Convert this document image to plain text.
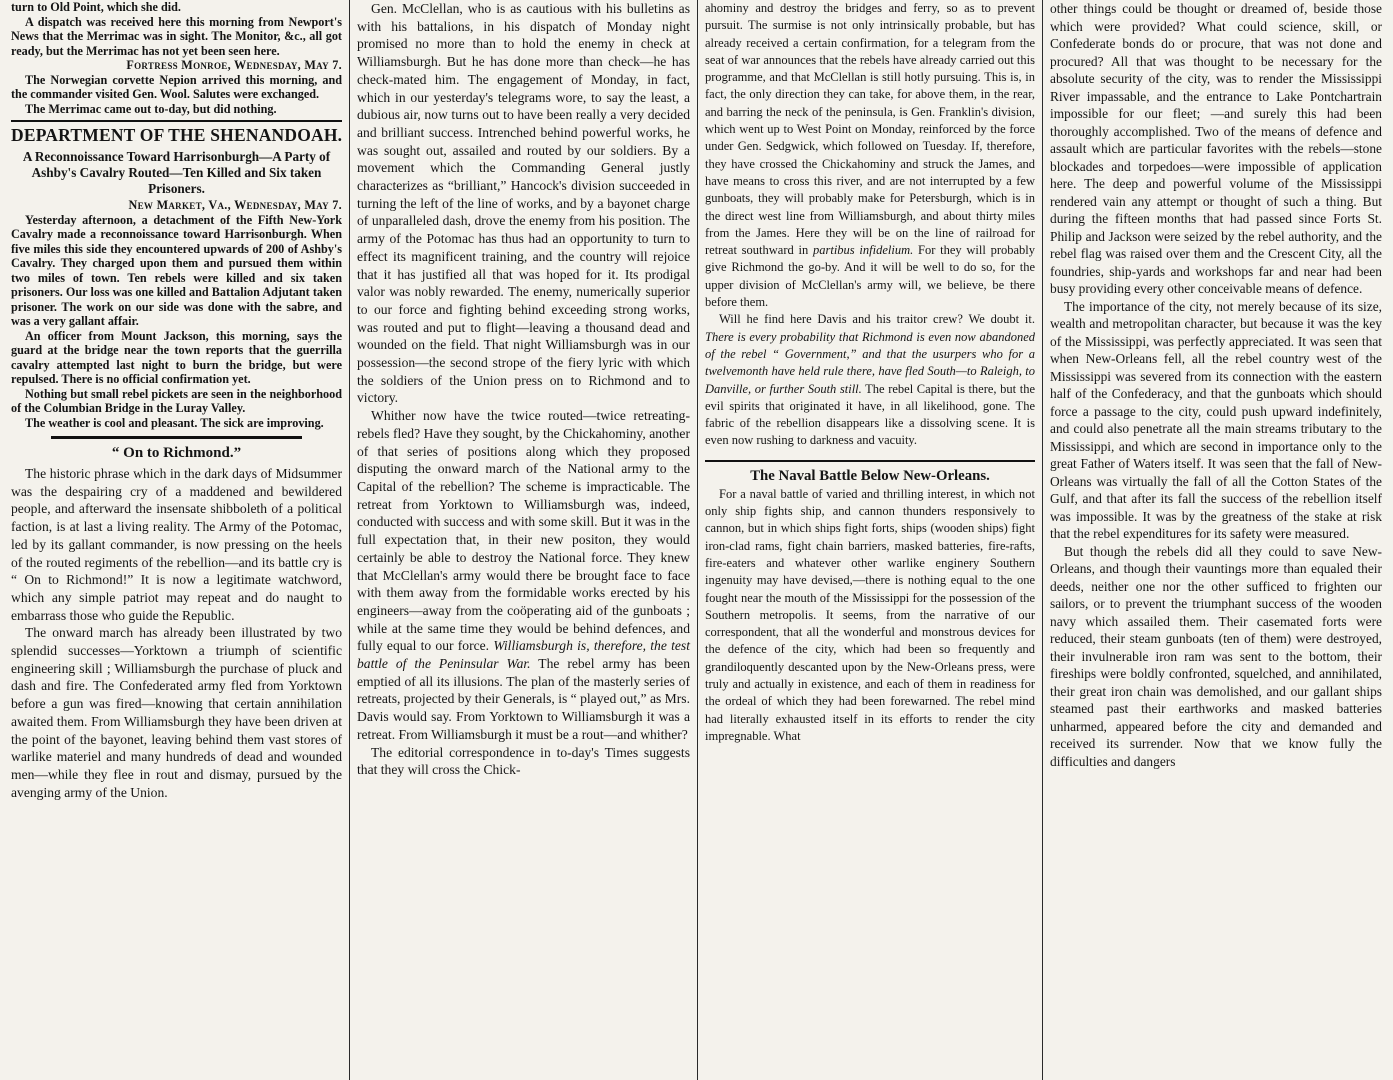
turn to Old Point, which she did.

A dispatch was received here this morning from Newport's News that the Merrimac was in sight. The Monitor, &c., all got ready, but the Merrimac has not yet been seen here.

Fortress Monroe, Wednesday, May 7.

The Norwegian corvette Nepion arrived this morning, and the commander visited Gen. Wool. Salutes were exchanged.

The Merrimac came out to-day, but did nothing.

DEPARTMENT OF THE SHENANDOAH.
A Reconnoissance Toward Harrisonburgh—A Party of Ashby's Cavalry Routed—Ten Killed and Six taken Prisoners.

New Market, Va., Wednesday, May 7.

Yesterday afternoon, a detachment of the Fifth New-York Cavalry made a reconnoissance toward Harrisonburgh. When five miles this side they encountered upwards of 200 of Ashby's Cavalry. They charged upon them and pursued them within two miles of town. Ten rebels were killed and six taken prisoners. Our loss was one killed and Battalion Adjutant taken prisoner. The work on our side was done with the sabre, and was a very gallant affair.

An officer from Mount Jackson, this morning, says the guard at the bridge near the town reports that the guerrilla cavalry attempted last night to burn the bridge, but were repulsed. There is no official confirmation yet.

Nothing but small rebel pickets are seen in the neighborhood of the Columbian Bridge in the Luray Valley.

The weather is cool and pleasant. The sick are improving.

“ On to Richmond.”

The historic phrase which in the dark days of Midsummer was the despairing cry of a maddened and bewildered people, and afterward the insensate shibboleth of a political faction, is at last a living reality. The Army of the Potomac, led by its gallant commander, is now pressing on the heels of the routed regiments of the rebellion—and its battle cry is “ On to Richmond!” It is now a legitimate watchword, which any simple patriot may repeat and do naught to embarrass those who guide the Republic.

The onward march has already been illustrated by two splendid successes—Yorktown a triumph of scientific engineering skill ; Williamsburgh the purchase of pluck and dash and fire. The Confederated army fled from Yorktown before a gun was fired—knowing that certain annihilation awaited them. From Williamsburgh they have been driven at the point of the bayonet, leaving behind them vast stores of warlike materiel and many hundreds of dead and wounded men—while they flee in rout and dismay, pursued by the avenging army of the Union.

Gen. McClellan, who is as cautious with his bulletins as with his battalions, in his dispatch of Monday night promised no more than to hold the enemy in check at Williamsburgh. But he has done more than check—he has check-mated him. The engagement of Monday, in fact, which in our yesterday's telegrams wore, to say the least, a dubious air, now turns out to have been really a very decided and brilliant success. Intrenched behind powerful works, he was sought out, assailed and routed by our soldiers. By a movement which the Commanding General justly characterizes as “brilliant,” Hancock's division succeeded in turning the left of the line of works, and by a bayonet charge of unparalleled dash, drove the enemy from his position. The army of the Potomac has thus had an opportunity to turn to effect its magnificent training, and the country will rejoice that it has justified all that was hoped for it. Its prodigal valor was nobly rewarded. The enemy, numerically superior to our force and fighting behind exceeding strong works, was routed and put to flight—leaving a thousand dead and wounded on the field. That night Williamsburgh was in our possession—the second strope of the fiery lyric with which the soldiers of the Union press on to Richmond and to victory.

Whither now have the twice routed—twice retreating-rebels fled? Have they sought, by the Chickahominy, another of that series of positions along which they proposed disputing the onward march of the National army to the Capital of the rebellion? The scheme is impracticable. The retreat from Yorktown to Williamsburgh was, indeed, conducted with success and with some skill. But it was in the full expectation that, in their new positon, they would certainly be able to destroy the National force. They knew that McClellan's army would there be brought face to face with them away from the formidable works erected by his engineers—away from the coöperating aid of the gunboats ; while at the same time they would be behind defences, and fully equal to our force. Williamsburgh is, therefore, the test battle of the Peninsular War. The rebel army has been emptied of all its illusions. The plan of the masterly series of retreats, projected by their Generals, is “ played out,” as Mrs. Davis would say. From Yorktown to Williamsburgh it was a retreat. From Williamsburgh it must be a rout—and whither?

The editorial correspondence in to-day's Times suggests that they will cross the Chick-

ahominy and destroy the bridges and ferry, so as to prevent pursuit. The surmise is not only intrinsically probable, but has already received a certain confirmation, for a telegram from the seat of war announces that the rebels have already carried out this programme, and that McClellan is still hotly pursuing. This is, in fact, the only direction they can take, for above them, in the rear, and barring the neck of the peninsula, is Gen. Franklin's division, which went up to West Point on Monday, reinforced by the force under Gen. Sedgwick, which followed on Tuesday. If, therefore, they have crossed the Chickahominy and struck the James, and have means to cross this river, and are not interrupted by a few gunboats, they will probably make for Petersburgh, which is in the direct west line from Williamsburgh, and about thirty miles from the James. Here they will be on the line of railroad for retreat southward in partibus infidelium. For they will probably give Richmond the go-by. And it will be well to do so, for the upper division of McClellan's army will, we believe, be there before them.

Will he find here Davis and his traitor crew? We doubt it. There is every probability that Richmond is even now abandoned of the rebel “ Government,” and that the usurpers who for a twelvemonth have held rule there, have fled South—to Raleigh, to Danville, or further South still. The rebel Capital is there, but the evil spirits that originated it have, in all likelihood, gone. The fabric of the rebellion disappears like a dissolving scene. It is even now rushing to darkness and vacuity.

The Naval Battle Below New-Orleans.

For a naval battle of varied and thrilling interest, in which not only ship fights ship, and cannon thunders responsively to cannon, but in which ships fight forts, ships (wooden ships) fight iron-clad rams, fight chain barriers, masked batteries, fire-rafts, fire-eaters and whatever other warlike enginery Southern ingenuity may have devised,—there is nothing equal to the one fought near the mouth of the Mississippi for the possession of the Southern metropolis. It seems, from the narrative of our correspondent, that all the wonderful and monstrous devices for the defence of the city, which had been so frequently and grandiloquently descanted upon by the New-Orleans press, were truly and actually in existence, and each of them in readiness for the ordeal of which they had been forewarned. The rebel mind had literally exhausted itself in its efforts to render the city impregnable. What

other things could be thought or dreamed of, beside those which were provided? What could science, skill, or Confederate bonds do or procure, that was not done and procured? All that was thought to be necessary for the absolute security of the city, was to render the Mississippi River impassable, and the entrance to Lake Pontchartrain impossible for our fleet; —and surely this had been thoroughly accomplished. Two of the means of defence and assault which are particular favorites with the rebels—stone blockades and torpedoes—were impossible of application here. The deep and powerful volume of the Mississippi rendered vain any attempt or thought of such a thing. But during the fifteen months that had passed since Forts St. Philip and Jackson were seized by the rebel authority, and the rebel flag was raised over them and the Crescent City, all the foundries, ship-yards and workshops far and near had been busy providing every other conceivable means of defence.

The importance of the city, not merely because of its size, wealth and metropolitan character, but because it was the key of the Mississippi, was perfectly appreciated. It was seen that when New-Orleans fell, all the rebel country west of the Mississippi was severed from its connection with the eastern half of the Confederacy, and that the gunboats which should force a passage to the city, could push upward indefinitely, and could also penetrate all the main streams tributary to the Mississippi, and which are second in importance only to the great Father of Waters itself. It was seen that the fall of New-Orleans was virtually the fall of all the Cotton States of the Gulf, and that after its fall the success of the rebellion itself was impossible. It was by the greatness of the stake at risk that the rebel expenditures for its safety were measured.

But though the rebels did all they could to save New-Orleans, and though their vauntings more than equaled their deeds, neither one nor the other sufficed to frighten our sailors, or to prevent the triumphant success of the wooden navy which assailed them. Their casemated forts were reduced, their steam gunboats (ten of them) were destroyed, their invulnerable iron ram was sent to the bottom, their fireships were boldly confronted, squelched, and annihilated, their great iron chain was demolished, and our gallant ships steamed past their earthworks and masked batteries unharmed, appeared before the city and demanded and received its surrender. Now that we know fully the difficulties and dangers
